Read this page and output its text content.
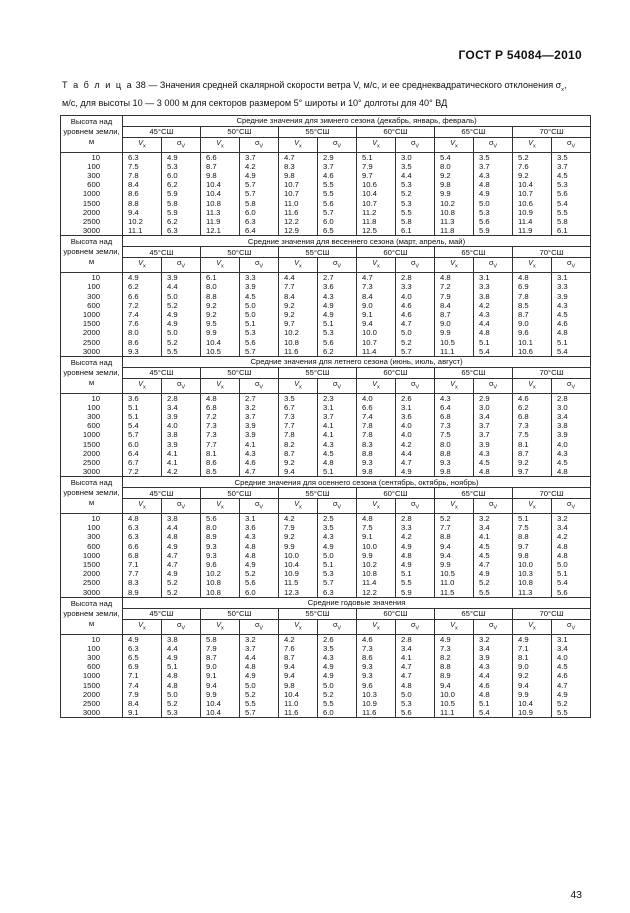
ГОСТ Р 54084—2010
Т а б л и ц а 38 — Значения средней скалярной скорости ветра V, м/с, и ее среднеквадратического отклонения $\sigma_x$,
м/с, для высоты 10 — 3 000 м для секторов размером 5° широты и 10° долготы для 40° ВД
Высота над уровнем земли, м	Средние значения для зимнего сезона (декабрь, январь, февраль)											
	45°СШ		50°СШ		55°СШ		60°СШ		65°СШ		70°СШ	
	$V_x$	$\sigma_V$	$V_x$	$\sigma_V$	$V_x$	$\sigma_V$	$V_x$	$\sigma_V$	$V_x$	$\sigma_V$	$V_x$	$\sigma_V$
10	6.3	4.9	6.6	3.7	4.7	2.9	5.1	3.0	5.4	3.5	5.2	3.5
100	7.5	5.3	8.7	4.2	8.3	3.7	7.9	3.5	8.0	3.7	7.6	3.7
300	7.8	6.0	9.8	4.9	9.8	4.6	9.7	4.4	9.2	4.3	9.2	4.5
600	8.4	6.2	10.4	5.7	10.7	5.5	10.6	5.3	9.8	4.8	10.4	5.3
1000	8.6	5.9	10.4	5.7	10.7	5.5	10.4	5.2	9.9	4.9	10.7	5.6
1500	8.8	5.8	10.8	5.8	11.0	5.6	10.7	5.3	10.2	5.0	10.6	5.4
2000	9.4	5.9	11.3	6.0	11.6	5.7	11.2	5.5	10.8	5.3	10.9	5.5
2500	10.2	6.2	11.9	6.3	12.2	6.0	11.8	5.8	11.3	5.6	11.4	5.8
3000	11.1	6.3	12.1	6.4	12.9	6.5	12.5	6.1	11.8	5.9	11.9	6.1
Высота над уровнем земли, м	Средние значения для весеннего сезона (март, апрель, май)											
	45°СШ		50°СШ		55°СШ		60°СШ		65°СШ		70°СШ	
	$V_x$	$\sigma_V$	$V_x$	$\sigma_V$	$V_x$	$\sigma_V$	$V_x$	$\sigma_V$	$V_x$	$\sigma_V$	$V_x$	$\sigma_V$
10	4.9	3.9	6.1	3.3	4.4	2.7	4.7	2.8	4.8	3.1	4.8	3.1
100	6.2	4.4	8.0	3.9	7.7	3.6	7.3	3.3	7.2	3.3	6.9	3.3
300	6.6	5.0	8.8	4.5	8.4	4.3	8.4	4.0	7.9	3.8	7.8	3.9
600	7.2	5.2	9.2	5.0	9.2	4.9	9.0	4.6	8.4	4.2	8.5	4.3
1000	7.4	4.9	9.2	5.0	9.2	4.9	9.1	4.6	8.7	4.3	8.7	4.5
1500	7.6	4.9	9.5	5.1	9.7	5.1	9.4	4.7	9.0	4.4	9.0	4.6
2000	8.0	5.0	9.9	5.3	10.2	5.3	10.0	5.0	9.9	4.8	9.6	4.8
2500	8.6	5.2	10.4	5.6	10.8	5.6	10.7	5.2	10.5	5.1	10.1	5.1
3000	9.3	5.5	10.5	5.7	11.6	6.2	11.4	5.7	11.1	5.4	10.6	5.4
Высота над уровнем земли, м	Средние значения для летнего сезона (июнь, июль, август)											
	45°СШ		50°СШ		55°СШ		60°СШ		65°СШ		70°СШ	
	$V_x$	$\sigma_V$	$V_x$	$\sigma_V$	$V_x$	$\sigma_V$	$V_x$	$\sigma_V$	$V_x$	$\sigma_V$	$V_x$	$\sigma_V$
10	3.6	2.8	4.8	2.7	3.5	2.3	4.0	2.6	4.3	2.9	4.6	2.8
100	5.1	3.4	6.8	3.2	6.7	3.1	6.6	3.1	6.4	3.0	6.2	3.0
300	5.1	3.9	7.2	3.7	7.3	3.7	7.4	3.6	6.8	3.4	6.8	3.4
600	5.4	4.0	7.3	3.9	7.7	4.1	7.8	4.0	7.3	3.7	7.3	3.8
1000	5.7	3.8	7.3	3.9	7.8	4.1	7.8	4.0	7.5	3.7	7.5	3.9
1500	6.0	3.9	7.7	4.1	8.2	4.3	8.3	4.2	8.0	3.9	8.1	4.0
2000	6.4	4.1	8.1	4.3	8.7	4.5	8.8	4.4	8.8	4.3	8.7	4.3
2500	6.7	4.1	8.6	4.6	9.2	4.8	9.3	4.7	9.3	4.5	9.2	4.5
3000	7.2	4.2	8.5	4.7	9.4	5.1	9.8	4.9	9.8	4.8	9.7	4.8
Высота над уровнем земли, м	Средние значения для осеннего сезона (сентябрь, октябрь, ноябрь)											
	45°СШ		50°СШ		55°СШ		60°СШ		65°СШ		70°СШ	
	$V_x$	$\sigma_V$	$V_x$	$\sigma_V$	$V_x$	$\sigma_V$	$V_x$	$\sigma_V$	$V_x$	$\sigma_V$	$V_x$	$\sigma_V$
10	4.8	3.8	5.6	3.1	4.2	2.5	4.8	2.8	5.2	3.2	5.1	3.2
100	6.3	4.4	8.0	3.6	7.9	3.5	7.5	3.3	7.7	3.4	7.5	3.4
300	6.3	4.8	8.9	4.3	9.2	4.3	9.1	4.2	8.8	4.1	8.8	4.2
600	6.6	4.9	9.3	4.8	9.9	4.9	10.0	4.9	9.4	4.5	9.7	4.8
1000	6.8	4.7	9.3	4.8	10.0	5.0	9.9	4.8	9.4	4.5	9.8	4.8
1500	7.1	4.7	9.6	4.9	10.4	5.1	10.2	4.9	9.9	4.7	10.0	5.0
2000	7.7	4.9	10.2	5.2	10.9	5.3	10.8	5.1	10.5	4.9	10.3	5.1
2500	8.3	5.2	10.8	5.6	11.5	5.7	11.4	5.5	11.0	5.2	10.8	5.4
3000	8.9	5.2	10.8	6.0	12.3	6.3	12.2	5.9	11.5	5.5	11.3	5.6
Высота над уровнем земли, м	Средние годовые значения											
	45°СШ		50°СШ		55°СШ		60°СШ		65°СШ		70°СШ	
	$V_x$	$\sigma_V$	$V_x$	$\sigma_V$	$V_x$	$\sigma_V$	$V_x$	$\sigma_V$	$V_x$	$\sigma_V$	$V_x$	$\sigma_V$
10	4.9	3.8	5.8	3.2	4.2	2.6	4.6	2.8	4.9	3.2	4.9	3.1
100	6.3	4.4	7.9	3.7	7.6	3.5	7.3	3.4	7.3	3.4	7.1	3.4
300	6.5	4.9	8.7	4.4	8.7	4.3	8.6	4.1	8.2	3.9	8.1	4.0
600	6.9	5.1	9.0	4.8	9.4	4.9	9.3	4.7	8.8	4.3	9.0	4.5
1000	7.1	4.8	9.1	4.9	9.4	4.9	9.3	4.7	8.9	4.4	9.2	4.6
1500	7.4	4.8	9.4	5.0	9.8	5.0	9.6	4.8	9.4	4.6	9.4	4.7
2000	7.9	5.0	9.9	5.2	10.4	5.2	10.3	5.0	10.0	4.8	9.9	4.9
2500	8.4	5.2	10.4	5.5	11.0	5.5	10.9	5.3	10.5	5.1	10.4	5.2
3000	9.1	5.3	10.4	5.7	11.6	6.0	11.6	5.6	11.1	5.4	10.9	5.5
43
